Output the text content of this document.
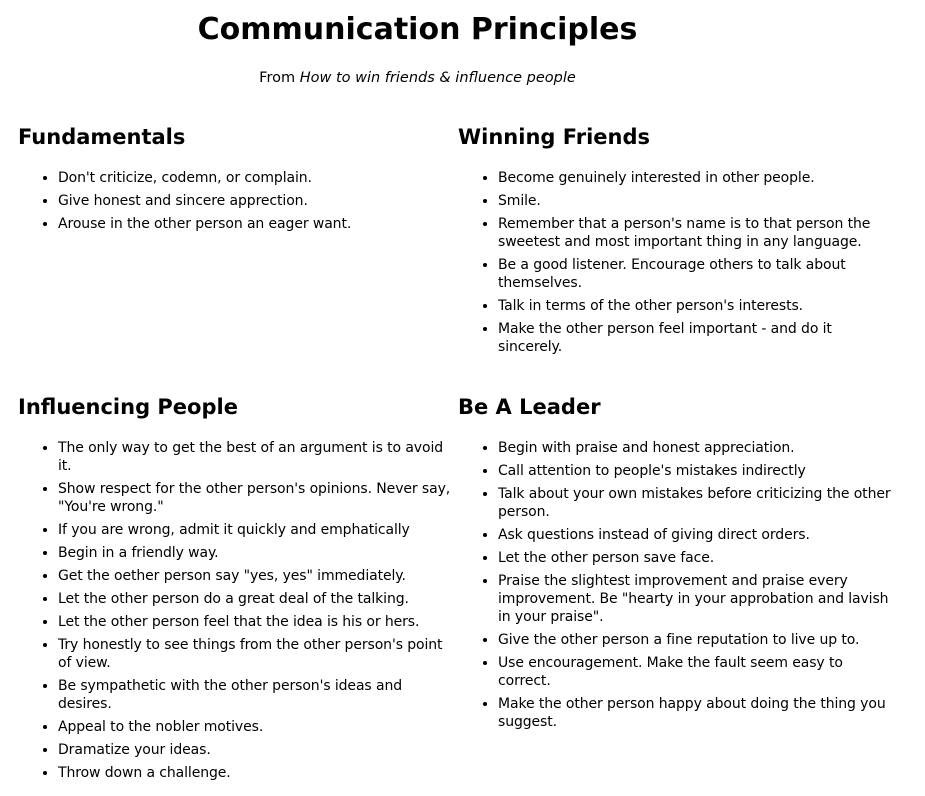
Communication Principles
From How to win friends & influence people
Fundamentals
• Don't criticize, codemn, or complain.
• Give honest and sincere apprection.
• Arouse in the other person an eager want.
Winning Friends
• Become genuinely interested in other people.
• Smile.
• Remember that a person's name is to that person the sweetest and most important thing in any language.
• Be a good listener. Encourage others to talk about themselves.
• Talk in terms of the other person's interests.
• Make the other person feel important - and do it sincerely.
Influencing People
• The only way to get the best of an argument is to avoid it.
• Show respect for the other person's opinions. Never say, "You're wrong."
• If you are wrong, admit it quickly and emphatically
• Begin in a friendly way.
• Get the oether person say "yes, yes" immediately.
• Let the other person do a great deal of the talking.
• Let the other person feel that the idea is his or hers.
• Try honestly to see things from the other person's point of view.
• Be sympathetic with the other person's ideas and desires.
• Appeal to the nobler motives.
• Dramatize your ideas.
• Throw down a challenge.
Be A Leader
• Begin with praise and honest appreciation.
• Call attention to people's mistakes indirectly
• Talk about your own mistakes before criticizing the other person.
• Ask questions instead of giving direct orders.
• Let the other person save face.
• Praise the slightest improvement and praise every improvement. Be "hearty in your approbation and lavish in your praise".
• Give the other person a fine reputation to live up to.
• Use encouragement. Make the fault seem easy to correct.
• Make the other person happy about doing the thing you suggest.
